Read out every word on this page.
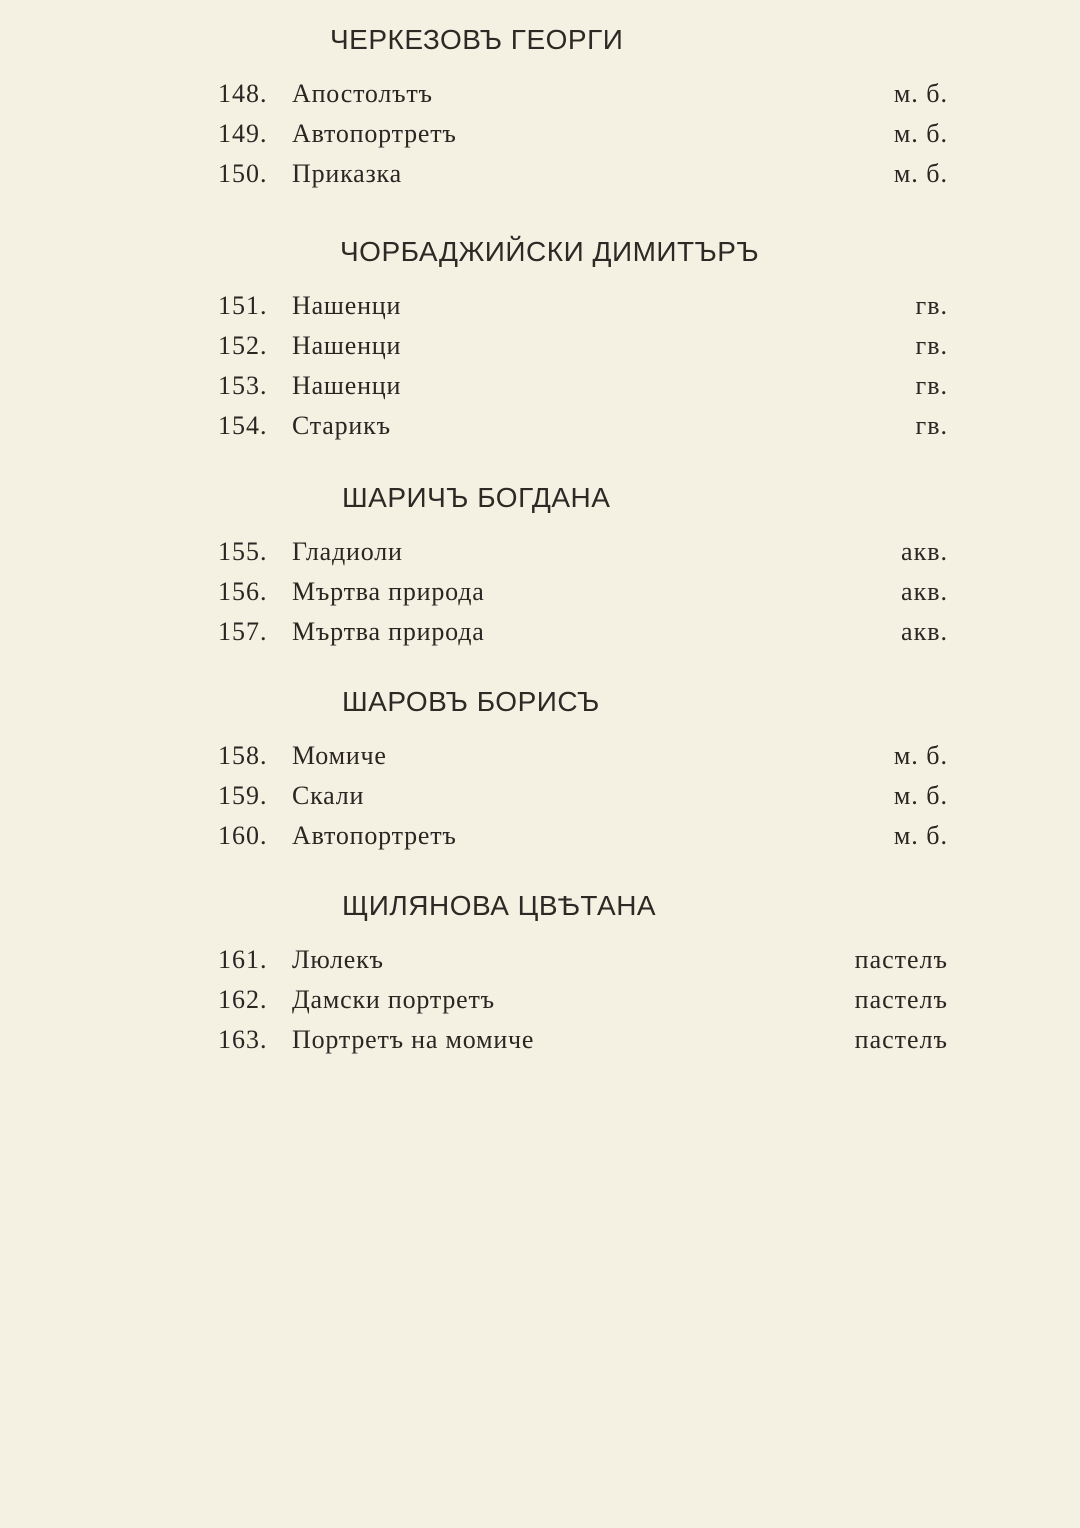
ЧЕРКЕЗОВЪ ГЕОРГИ
148. Апостолътъ	м. б.
149. Автопортретъ	м. б.
150. Приказка	м. б.
ЧОРБАДЖИЙСКИ ДИМИТЪРЪ
151. Нашенци	гв.
152. Нашенци	гв.
153. Нашенци	гв.
154. Старикъ	гв.
ШАРИЧЪ БОГДАНА
155. Гладиоли	акв.
156. Мъртва природа	акв.
157. Мъртва природа	акв.
ШАРОВЪ БОРИСЪ
158. Момиче	м. б.
159. Скали	м. б.
160. Автопортретъ	м. б.
ЩИЛЯНОВА ЦВѢТАНА
161. Люлекъ	пастелъ
162. Дамски портретъ	пастелъ
163. Портретъ на момиче	пастелъ
